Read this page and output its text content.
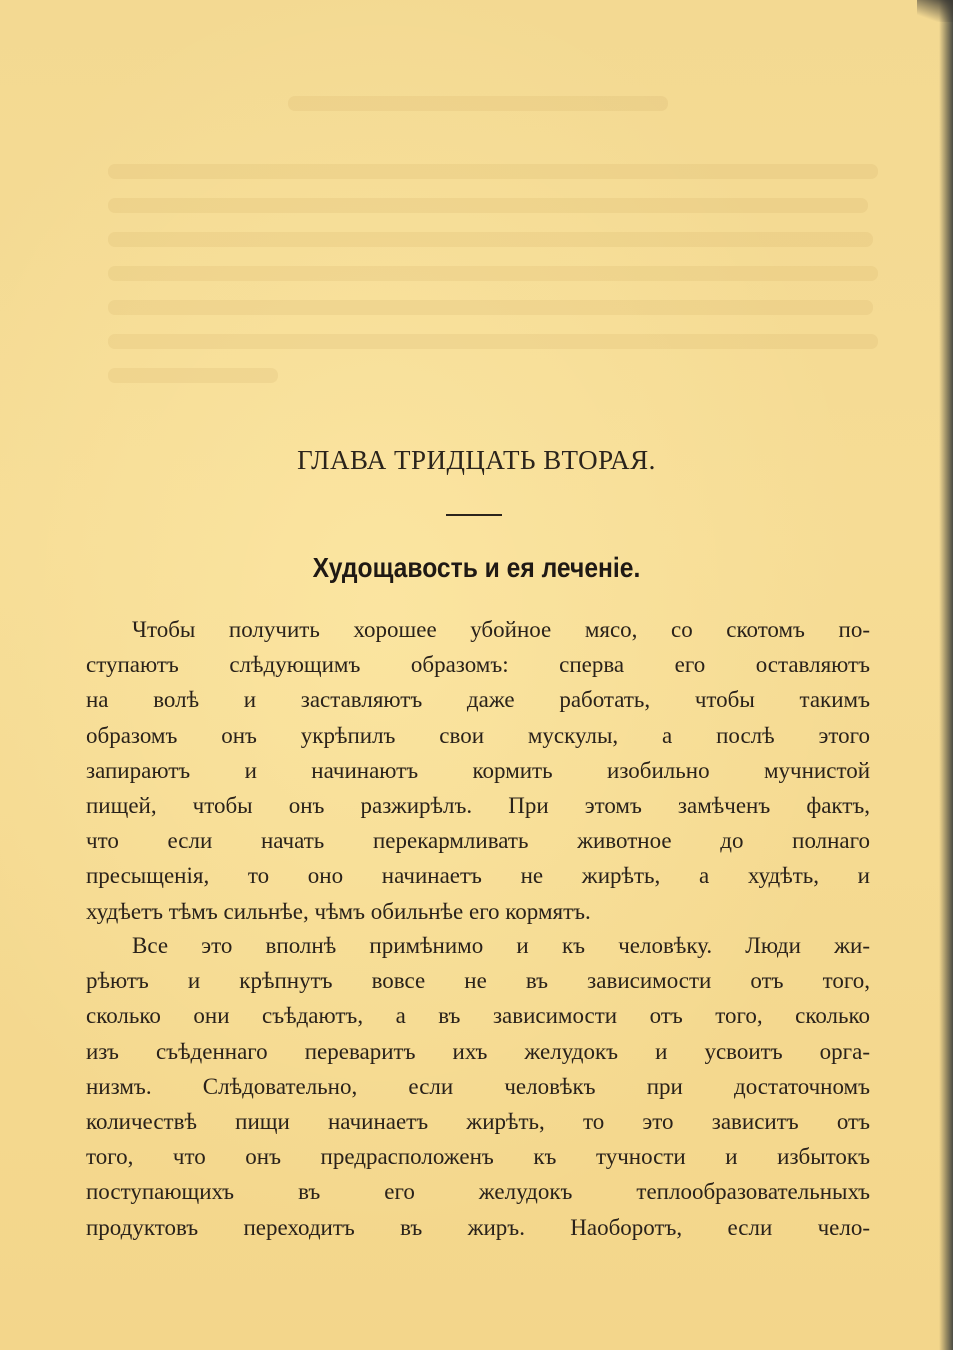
ГЛАВА ТРИДЦАТЬ ВТОРАЯ.
Худощавость и ея леченіе.
Чтобы получить хорошее убойное мясо, со скотомъ по-
ступаютъ слѣдующимъ образомъ: сперва его оставляютъ
на волѣ и заставляютъ даже работать, чтобы такимъ
образомъ онъ укрѣпилъ свои мускулы, а послѣ этого
запираютъ и начинаютъ кормить изобильно мучнистой
пищей, чтобы онъ разжирѣлъ. При этомъ замѣченъ фактъ,
что если начать перекармливать животное до полнаго
пресыщенія, то оно начинаетъ не жирѣть, а худѣть, и
худѣетъ тѣмъ сильнѣе, чѣмъ обильнѣе его кормятъ.
Все это вполнѣ примѣнимо и къ человѣку. Люди жи-
рѣютъ и крѣпнутъ вовсе не въ зависимости отъ того,
сколько они съѣдаютъ, а въ зависимости отъ того, сколько
изъ съѣденнаго переваритъ ихъ желудокъ и усвоитъ орга-
низмъ. Слѣдовательно, если человѣкъ при достаточномъ
количествѣ пищи начинаетъ жирѣть, то это зависитъ отъ
того, что онъ предрасположенъ къ тучности и избытокъ
поступающихъ въ его желудокъ теплообразовательныхъ
продуктовъ переходитъ въ жиръ. Наоборотъ, если чело-
